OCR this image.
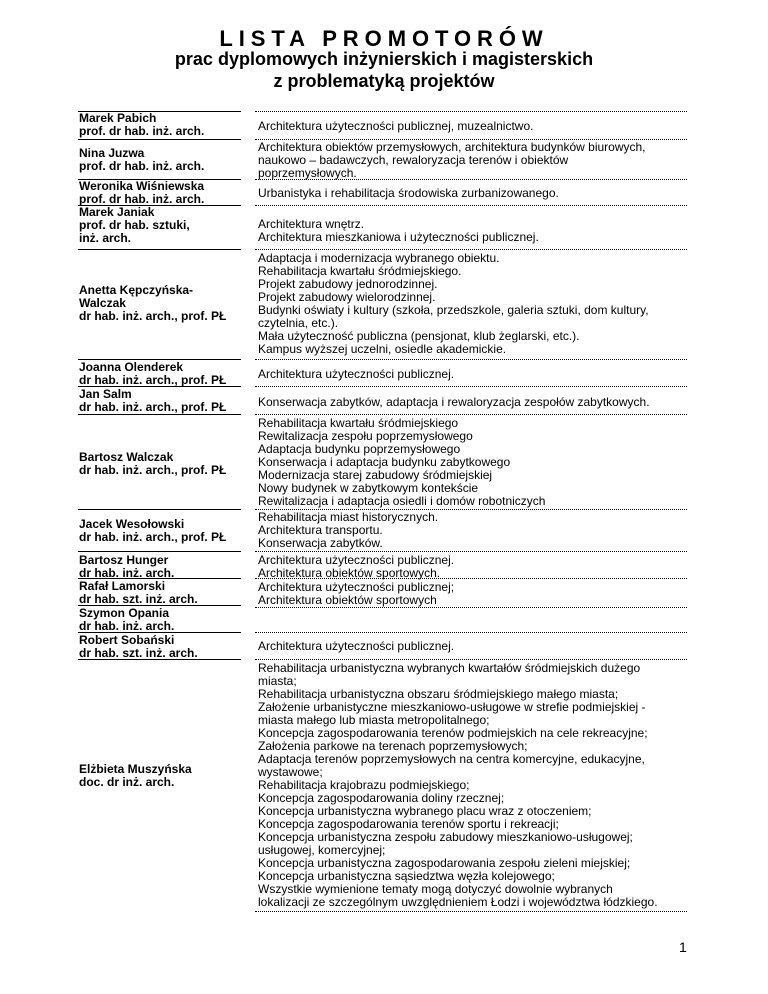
LISTA PROMOTORÓW
prac dyplomowych inżynierskich i magisterskich
z problematyką projektów
Marek Pabich
prof. dr hab. inż. arch.
Nina Juzwa
prof. dr hab. inż. arch.
Weronika Wiśniewska
prof. dr hab. inż. arch.
Marek Janiak
prof. dr hab. sztuki,
inż. arch.
Anetta Kępczyńska-
Walczak
dr hab. inż. arch., prof. PŁ
Joanna Olenderek
dr hab. inż. arch., prof. PŁ
Jan Salm
dr hab. inż. arch., prof. PŁ
Bartosz Walczak
dr hab. inż. arch., prof. PŁ
Jacek Wesołowski
dr hab. inż. arch., prof. PŁ
Bartosz Hunger
dr hab. inż. arch.
Rafał Lamorski
dr hab. szt. inż. arch.
Szymon Opania
dr hab. inż. arch.
Robert Sobański
dr hab. szt. inż. arch.
Elżbieta Muszyńska
doc. dr inż. arch.
Architektura użyteczności publicznej, muzealnictwo.
Architektura obiektów przemysłowych, architektura budynków biurowych,
naukowo – badawczych, rewaloryzacja terenów i obiektów
poprzemysłowych.
Urbanistyka i rehabilitacja środowiska zurbanizowanego.
Architektura wnętrz.
Architektura mieszkaniowa i użyteczności publicznej.
Adaptacja i modernizacja wybranego obiektu.
Rehabilitacja kwartału śródmiejskiego.
Projekt zabudowy jednorodzinnej.
Projekt zabudowy wielorodzinnej.
Budynki oświaty i kultury (szkoła, przedszkole, galeria sztuki, dom kultury,
czytelnia, etc.).
Mała użyteczność publiczna (pensjonat, klub żeglarski, etc.).
Kampus wyższej uczelni, osiedle akademickie.
Architektura użyteczności publicznej.
Konserwacja zabytków, adaptacja i rewaloryzacja zespołów zabytkowych.
Rehabilitacja kwartału śródmiejskiego
Rewitalizacja zespołu poprzemysłowego
Adaptacja budynku poprzemysłowego
Konserwacja i adaptacja budynku zabytkowego
Modernizacja starej zabudowy śródmiejskiej
Nowy budynek w zabytkowym kontekście
Rewitalizacja i adaptacja osiedli i domów robotniczych
Rehabilitacja miast historycznych.
Architektura transportu.
Konserwacja zabytków.
Architektura użyteczności publicznej.
Architektura obiektów sportowych.
Architektura użyteczności publicznej;
Architektura obiektów sportowych
Architektura użyteczności publicznej.
Rehabilitacja urbanistyczna wybranych kwartałów śródmiejskich dużego
miasta;
Rehabilitacja urbanistyczna obszaru śródmiejskiego małego miasta;
Założenie urbanistyczne mieszkaniowo-usługowe w strefie podmiejskiej -
miasta małego lub miasta metropolitalnego;
Koncepcja zagospodarowania terenów podmiejskich na cele rekreacyjne;
Założenia parkowe na terenach poprzemysłowych;
Adaptacja terenów poprzemysłowych na centra komercyjne, edukacyjne,
wystawowe;
Rehabilitacja krajobrazu podmiejskiego;
Koncepcja zagospodarowania doliny rzecznej;
Koncepcja urbanistyczna wybranego placu wraz z otoczeniem;
Koncepcja zagospodarowania terenów sportu i rekreacji;
Koncepcja urbanistyczna zespołu zabudowy mieszkaniowo-usługowej;
usługowej, komercyjnej;
Koncepcja urbanistyczna zagospodarowania zespołu zieleni miejskiej;
Koncepcja urbanistyczna sąsiedztwa węzła kolejowego;
Wszystkie wymienione tematy mogą dotyczyć dowolnie wybranych
lokalizacji ze szczególnym uwzględnieniem Łodzi i województwa łódzkiego.
1
